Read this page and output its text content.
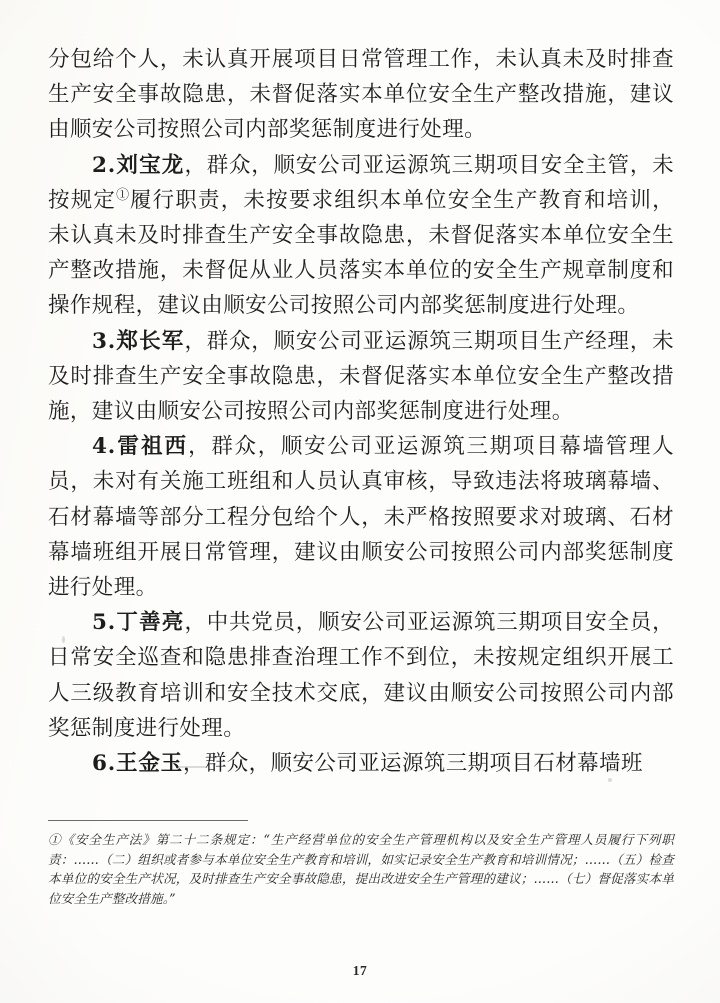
分包给个人，未认真开展项目日常管理工作，未认真未及时排查生产安全事故隐患，未督促落实本单位安全生产整改措施，建议由顺安公司按照公司内部奖惩制度进行处理。

2.刘宝龙，群众，顺安公司亚运源筑三期项目安全主管，未按规定①履行职责，未按要求组织本单位安全生产教育和培训，未认真未及时排查生产安全事故隐患，未督促落实本单位安全生产整改措施，未督促从业人员落实本单位的安全生产规章制度和操作规程，建议由顺安公司按照公司内部奖惩制度进行处理。

3.郑长军，群众，顺安公司亚运源筑三期项目生产经理，未及时排查生产安全事故隐患，未督促落实本单位安全生产整改措施，建议由顺安公司按照公司内部奖惩制度进行处理。

4.雷祖西，群众，顺安公司亚运源筑三期项目幕墙管理人员，未对有关施工班组和人员认真审核，导致违法将玻璃幕墙、石材幕墙等部分工程分包给个人，未严格按照要求对玻璃、石材幕墙班组开展日常管理，建议由顺安公司按照公司内部奖惩制度进行处理。

5.丁善亮，中共党员，顺安公司亚运源筑三期项目安全员，日常安全巡查和隐患排查治理工作不到位，未按规定组织开展工人三级教育培训和安全技术交底，建议由顺安公司按照公司内部奖惩制度进行处理。

6.王金玉，群众，顺安公司亚运源筑三期项目石材幕墙班

①《安全生产法》第二十二条规定：“生产经营单位的安全生产管理机构以及安全生产管理人员履行下列职责：……（二）组织或者参与本单位安全生产教育和培训，如实记录安全生产教育和培训情况；……（五）检查本单位的安全生产状况，及时排查生产安全事故隐患，提出改进安全生产管理的建议；……（七）督促落实本单位安全生产整改措施。”

17
